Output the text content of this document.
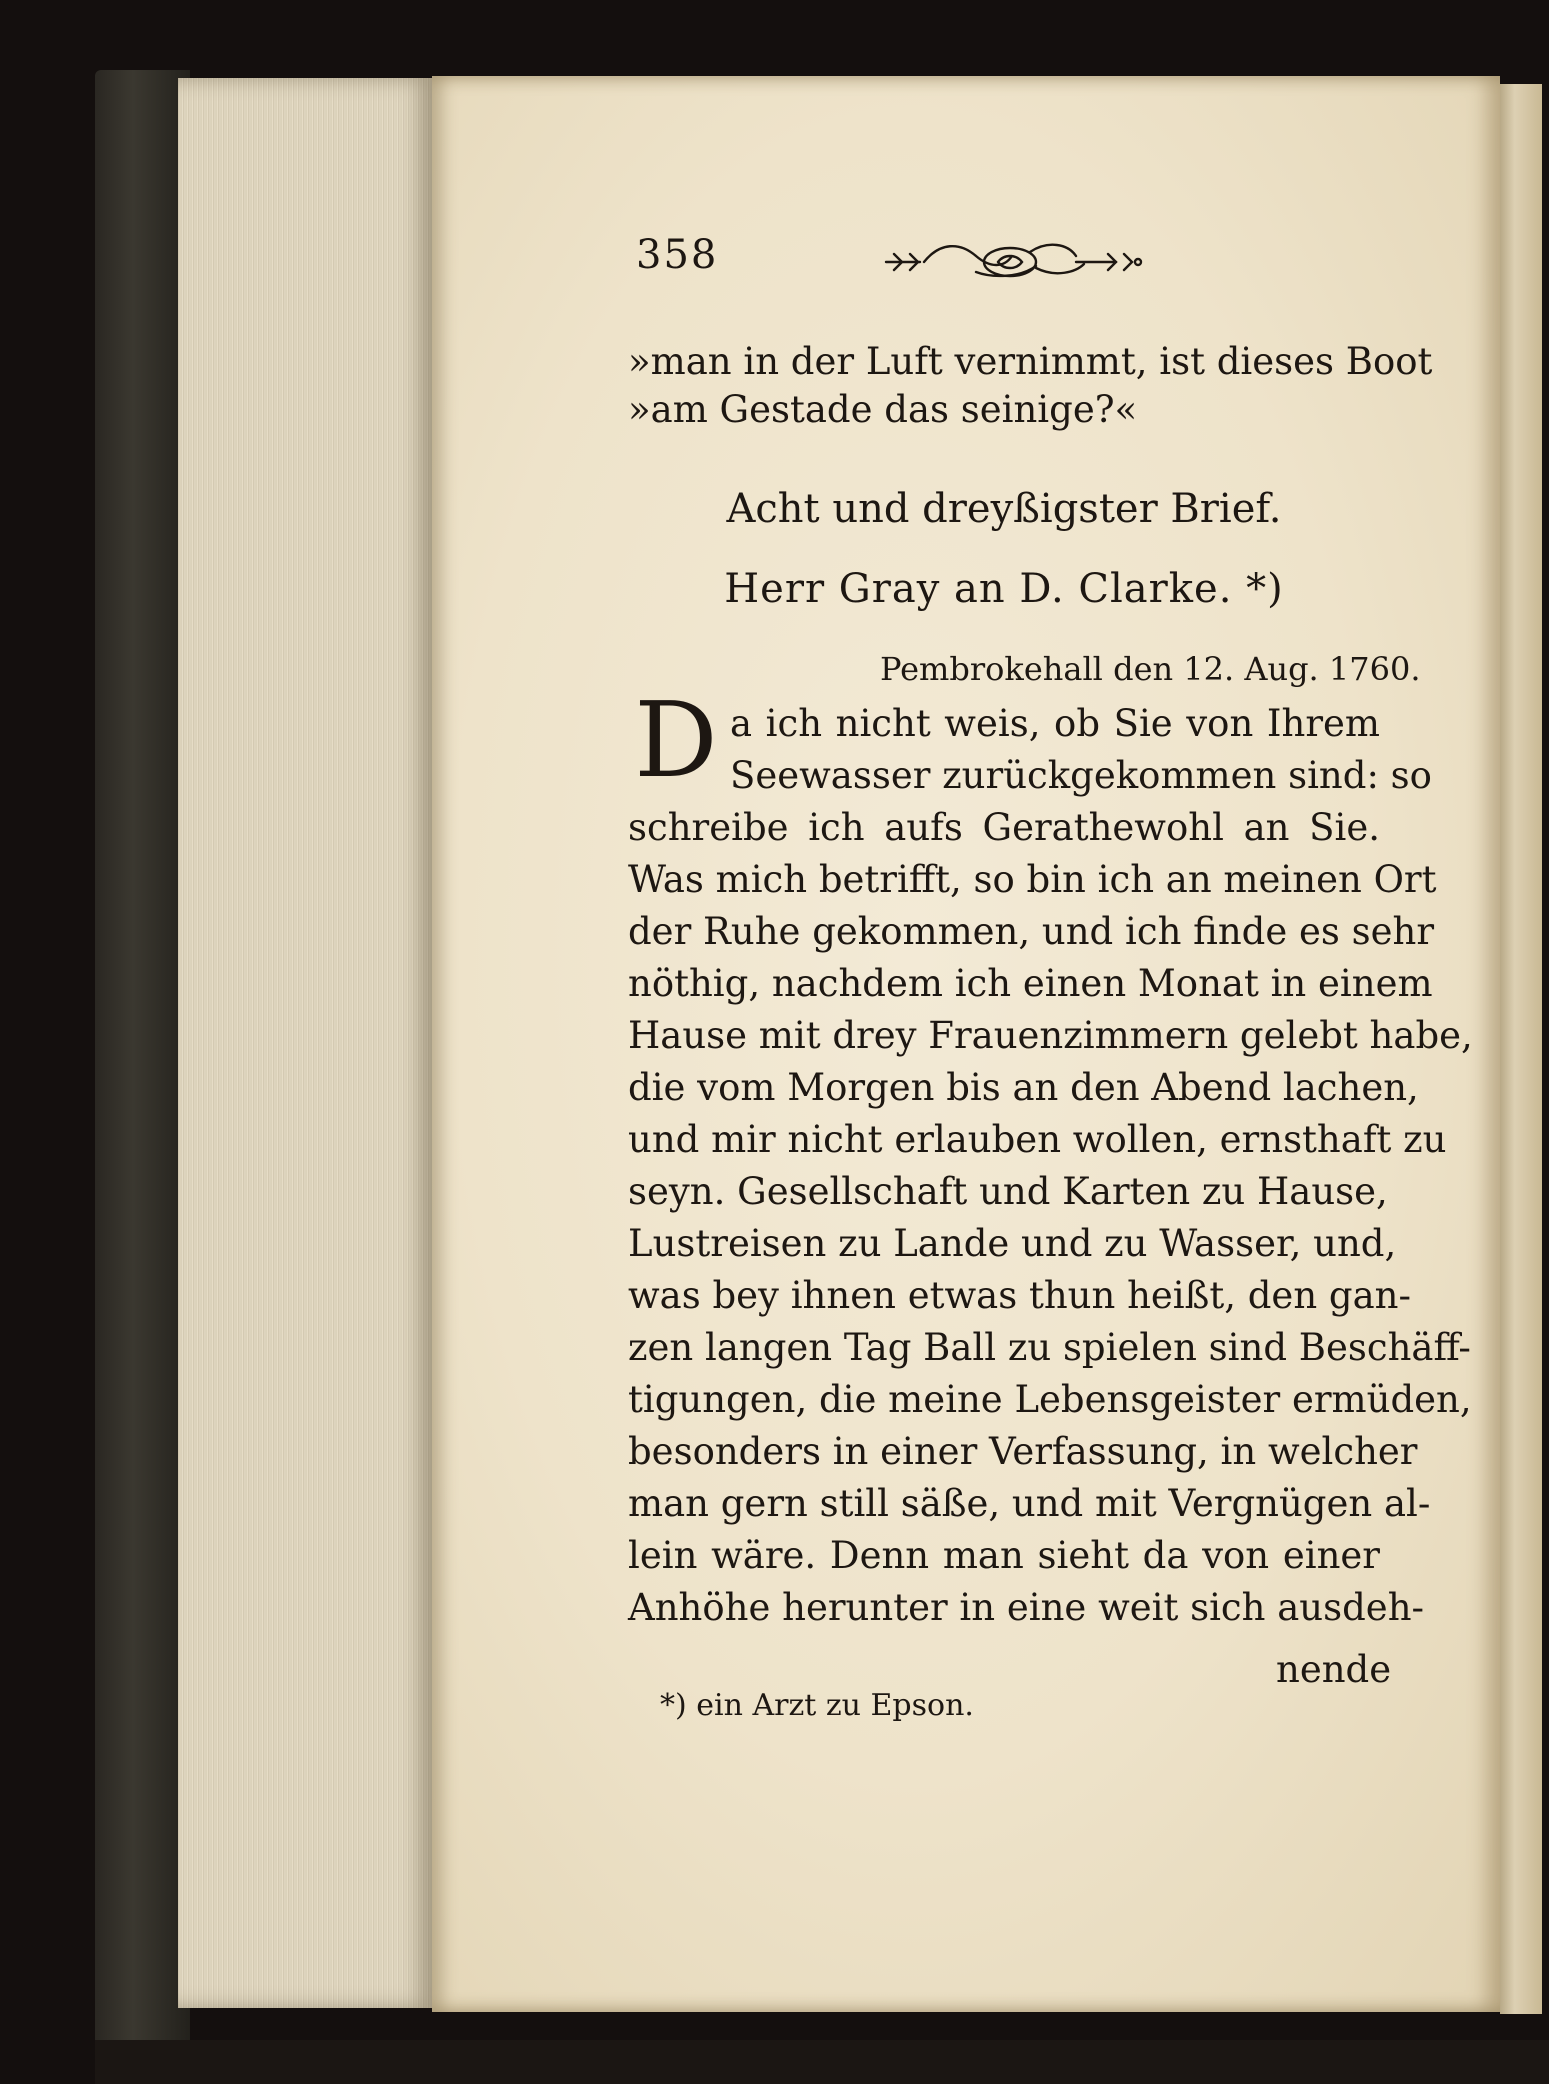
358
»man in der Luft vernimmt, ist dieses Boot
»am Gestade das seinige?«
Acht und dreyßigster Brief.
Herr Gray an D. Clarke. *)
Pembrokehall den 12. Aug. 1760.
D a ich nicht weis, ob Sie von Ihrem
Seewasser zurückgekommen sind: so
schreibe ich aufs Gerathewohl an Sie.
Was mich betrifft, so bin ich an meinen Ort
der Ruhe gekommen, und ich finde es sehr
nöthig, nachdem ich einen Monat in einem
Hause mit drey Frauenzimmern gelebt habe,
die vom Morgen bis an den Abend lachen,
und mir nicht erlauben wollen, ernsthaft zu
seyn. Gesellschaft und Karten zu Hause,
Lustreisen zu Lande und zu Wasser, und,
was bey ihnen etwas thun heißt, den gan-
zen langen Tag Ball zu spielen sind Beschäff-
tigungen, die meine Lebensgeister ermüden,
besonders in einer Verfassung, in welcher
man gern still säße, und mit Vergnügen al-
lein wäre. Denn man sieht da von einer
Anhöhe herunter in eine weit sich ausdeh-
nende
*) ein Arzt zu Epson.
